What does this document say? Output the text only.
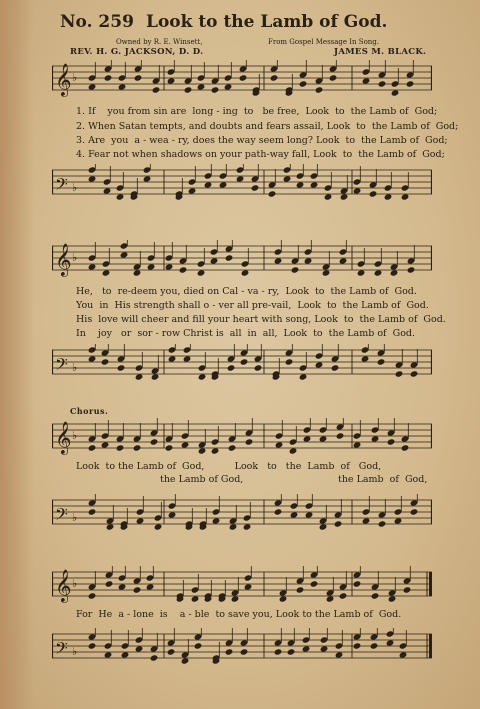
No. 259 Look to the Lamb of God.
Owned by R. E. Winsett,	From Gospel Message In Song.
REV. H. G. JACKSON, D. D.	JAMES M. BLACK.
𝄞 ♭
1. If    you from sin are  long - ing  to   be free,  Look  to  the Lamb of  God;
2. When Satan tempts, and doubts and fears assail, Look  to  the Lamb of  God;
3. Are  you  a - wea - ry, does the way seem long? Look  to  the Lamb of  God;
4. Fear not when shadows on your path-way fall, Look  to  the Lamb of  God;
𝄢 ♭
𝄞 ♭
He,   to  re-deem you, died on Cal - va - ry,  Look  to  the Lamb of  God.
You  in  His strength shall o - ver all pre-vail,  Look  to  the Lamb of  God.
His  love will cheer and fill your heart with song, Look  to  the Lamb of  God.
In    joy   or  sor - row Christ is  all  in  all,  Look  to  the Lamb of  God.
𝄢 ♭
Chorus.
𝄞 ♭
Look  to the Lamb of  God,          Look   to   the  Lamb  of   God,
the Lamb of God,	the Lamb  of  God,
𝄢 ♭
𝄞 ♭
For  He  a - lone  is    a - ble  to save you, Look to the Lamb of  God.
𝄢 ♭
